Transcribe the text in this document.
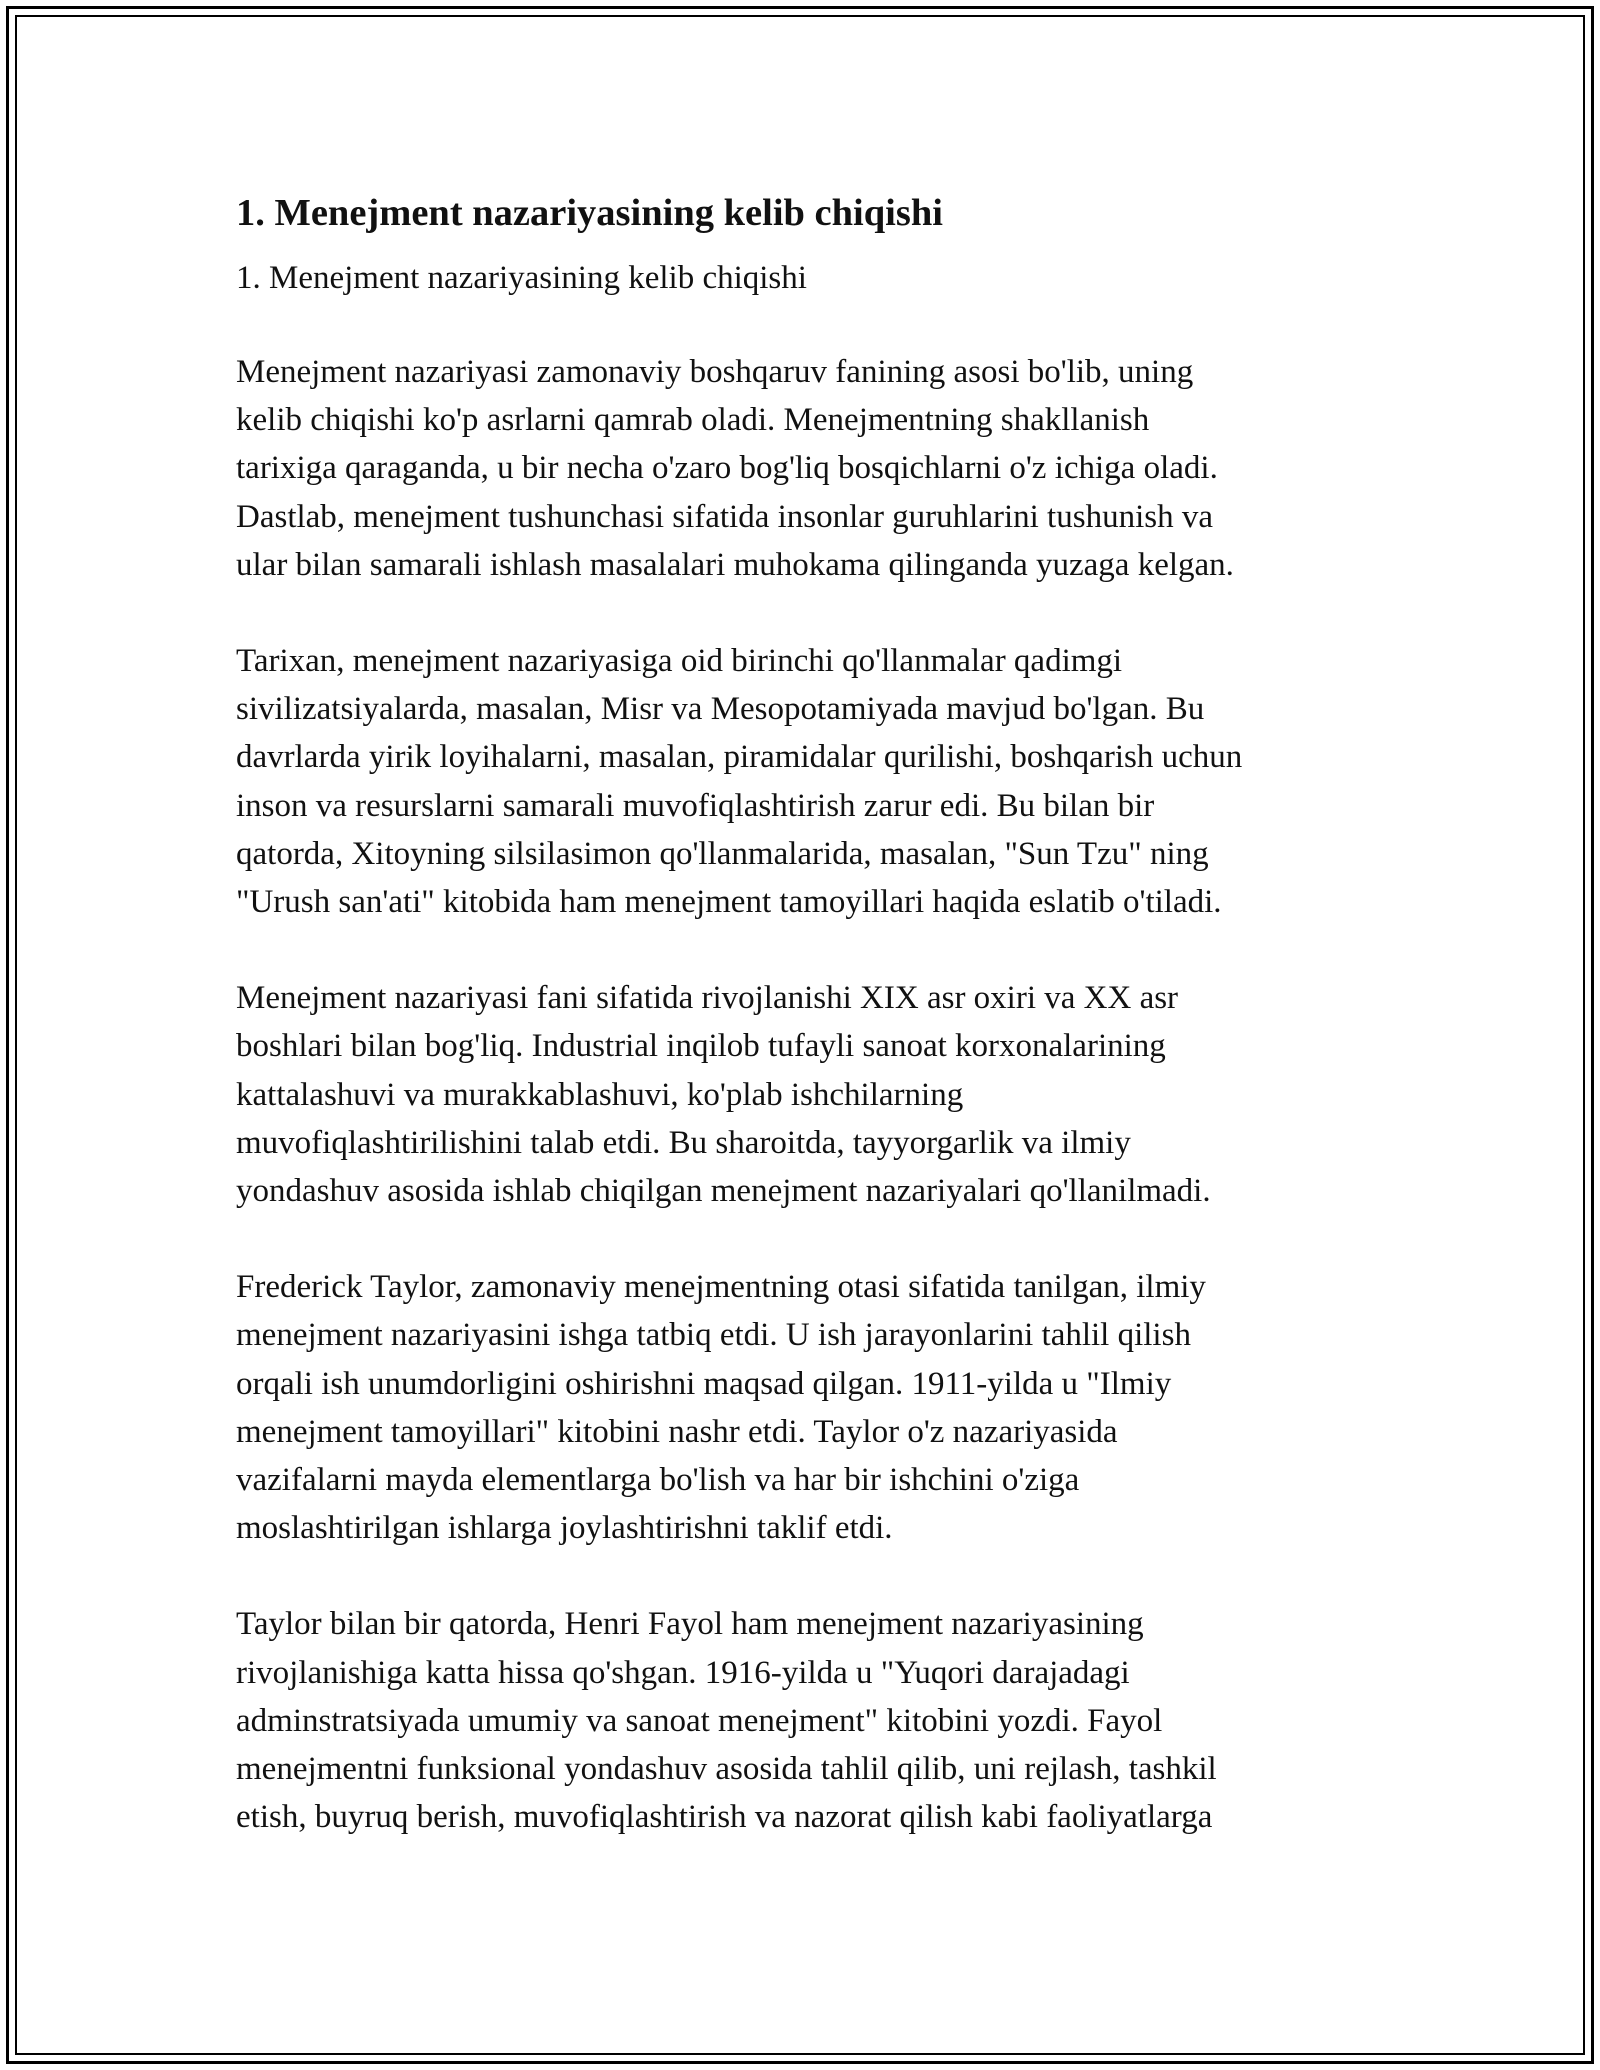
1. Menejment nazariyasining kelib chiqishi

1. Menejment nazariyasining kelib chiqishi

Menejment nazariyasi zamonaviy boshqaruv fanining asosi bo'lib, uning
kelib chiqishi ko'p asrlarni qamrab oladi. Menejmentning shakllanish
tarixiga qaraganda, u bir necha o'zaro bog'liq bosqichlarni o'z ichiga oladi.
Dastlab, menejment tushunchasi sifatida insonlar guruhlarini tushunish va
ular bilan samarali ishlash masalalari muhokama qilinganda yuzaga kelgan.

Tarixan, menejment nazariyasiga oid birinchi qo'llanmalar qadimgi
sivilizatsiyalarda, masalan, Misr va Mesopotamiyada mavjud bo'lgan. Bu
davrlarda yirik loyihalarni, masalan, piramidalar qurilishi, boshqarish uchun
inson va resurslarni samarali muvofiqlashtirish zarur edi. Bu bilan bir
qatorda, Xitoyning silsilasimon qo'llanmalarida, masalan, "Sun Tzu" ning
"Urush san'ati" kitobida ham menejment tamoyillari haqida eslatib o'tiladi.

Menejment nazariyasi fani sifatida rivojlanishi XIX asr oxiri va XX asr
boshlari bilan bog'liq. Industrial inqilob tufayli sanoat korxonalarining
kattalashuvi va murakkablashuvi, ko'plab ishchilarning
muvofiqlashtirilishini talab etdi. Bu sharoitda, tayyorgarlik va ilmiy
yondashuv asosida ishlab chiqilgan menejment nazariyalari qo'llanilmadi.

Frederick Taylor, zamonaviy menejmentning otasi sifatida tanilgan, ilmiy
menejment nazariyasini ishga tatbiq etdi. U ish jarayonlarini tahlil qilish
orqali ish unumdorligini oshirishni maqsad qilgan. 1911-yilda u "Ilmiy
menejment tamoyillari" kitobini nashr etdi. Taylor o'z nazariyasida
vazifalarni mayda elementlarga bo'lish va har bir ishchini o'ziga
moslashtirilgan ishlarga joylashtirishni taklif etdi.

Taylor bilan bir qatorda, Henri Fayol ham menejment nazariyasining
rivojlanishiga katta hissa qo'shgan. 1916-yilda u "Yuqori darajadagi
adminstratsiyada umumiy va sanoat menejment" kitobini yozdi. Fayol
menejmentni funksional yondashuv asosida tahlil qilib, uni rejlash, tashkil
etish, buyruq berish, muvofiqlashtirish va nazorat qilish kabi faoliyatlarga
